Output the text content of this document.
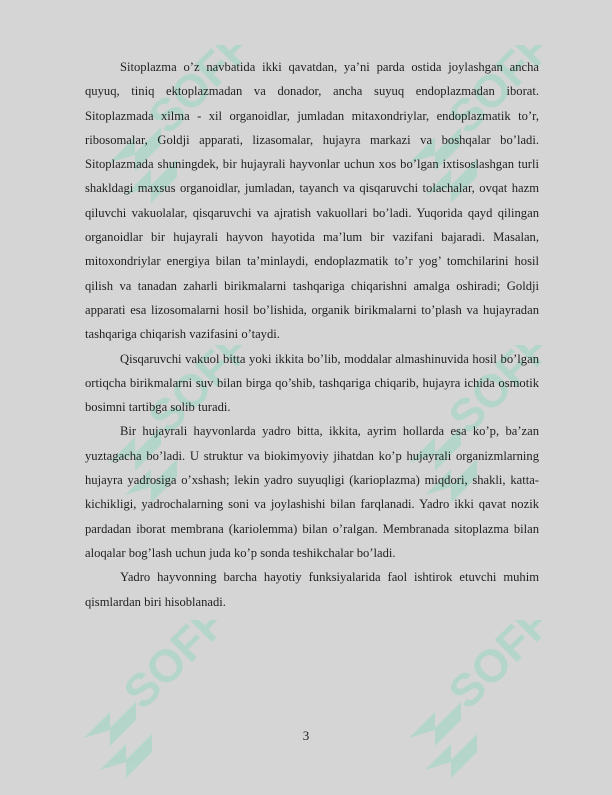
SOFF	SOFF
SOFF	SOFF
SOFF	SOFF

Sitoplazma o’z navbatida ikki qavatdan, ya’ni parda ostida joylashgan ancha quyuq, tiniq ektoplazmadan va donador, ancha suyuq endoplazmadan iborat. Sitoplazmada xilma - xil organoidlar, jumladan mitaxondriylar, endoplazmatik to’r, ribosomalar, Goldji apparati, lizasomalar, hujayra markazi va boshqalar bo’ladi. Sitoplazmada shuningdek, bir hujayrali hayvonlar uchun xos bo’lgan ixtisoslashgan turli shakldagi maxsus organoidlar, jumladan, tayanch va qisqaruvchi tolachalar, ovqat hazm qiluvchi vakuolalar, qisqaruvchi va ajratish vakuollari bo’ladi. Yuqorida qayd qilingan organoidlar bir hujayrali hayvon hayotida ma’lum bir vazifani bajaradi. Masalan, mitoxondriylar energiya bilan ta’minlaydi, endoplazmatik to’r yog’ tomchilarini hosil qilish va tanadan zaharli birikmalarni tashqariga chiqarishni amalga oshiradi; Goldji apparati esa lizosomalarni hosil bo’lishida, organik birikmalarni to’plash va hujayradan tashqariga chiqarish vazifasini o’taydi.

Qisqaruvchi vakuol bitta yoki ikkita bo’lib, moddalar almashinuvida hosil bo’lgan ortiqcha birikmalarni suv bilan birga qo’shib, tashqariga chiqarib, hujayra ichida osmotik bosimni tartibga solib turadi.

Bir hujayrali hayvonlarda yadro bitta, ikkita, ayrim hollarda esa ko’p, ba’zan yuztagacha bo’ladi. U struktur va biokimyoviy jihatdan ko’p hujayrali organizmlarning hujayra yadrosiga o’xshash; lekin yadro suyuqligi (karioplazma) miqdori, shakli, katta-kichikligi, yadrochalarning soni va joylashishi bilan farqlanadi. Yadro ikki qavat nozik pardadan iborat membrana (kariolemma) bilan o’ralgan. Membranada sitoplazma bilan aloqalar bog’lash uchun juda ko’p sonda teshikchalar bo’ladi.

Yadro hayvonning barcha hayotiy funksiyalarida faol ishtirok etuvchi muhim qismlardan biri hisoblanadi.

3
